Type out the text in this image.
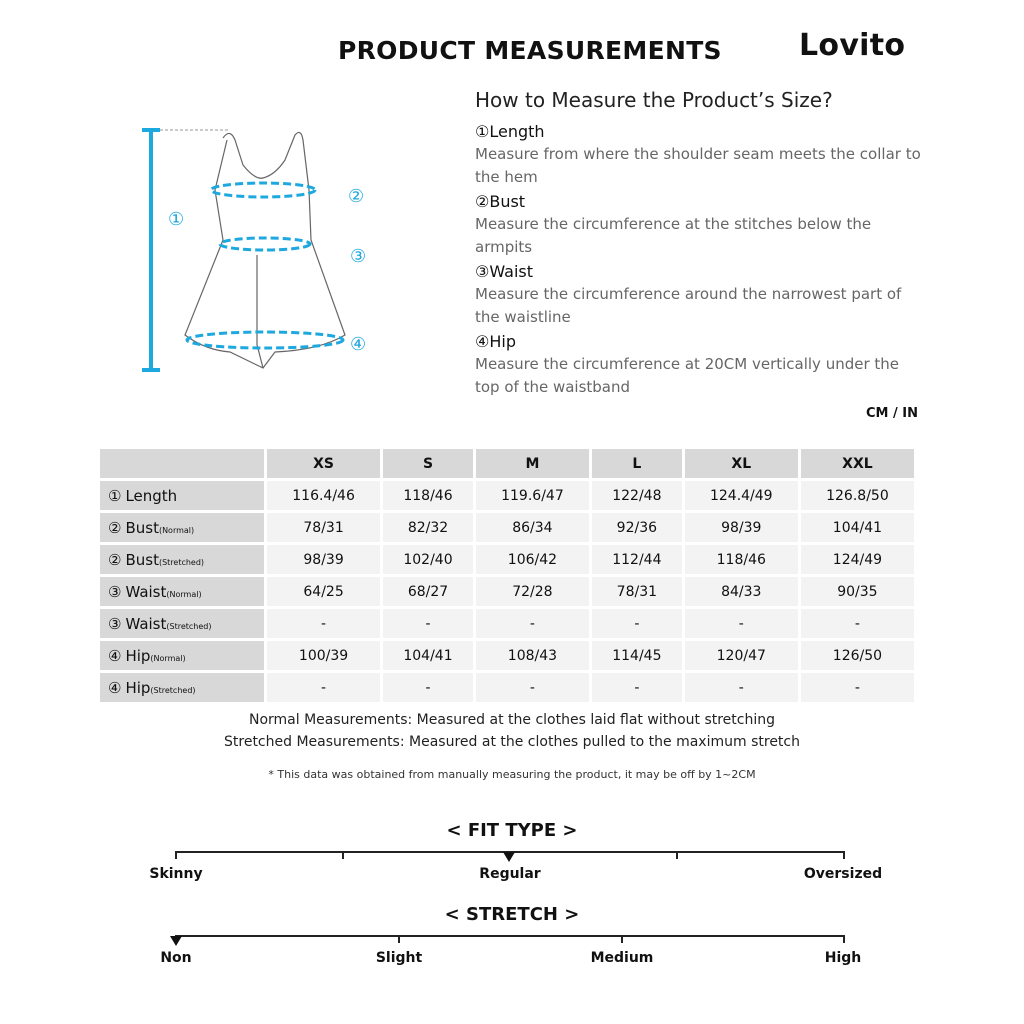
PRODUCT MEASUREMENTS	Lovito
①
②
③
④
How to Measure the Product’s Size?
①Length
Measure from where the shoulder seam meets the collar to the hem
②Bust
Measure the circumference at the stitches below the armpits
③Waist
Measure the circumference around the narrowest part of the waistline
④Hip
Measure the circumference at 20CM vertically under the top of the waistband
CM / IN
	XS	S	M	L	XL	XXL
① Length	116.4/46	118/46	119.6/47	122/48	124.4/49	126.8/50
② Bust(Normal)	78/31	82/32	86/34	92/36	98/39	104/41
② Bust(Stretched)	98/39	102/40	106/42	112/44	118/46	124/49
③ Waist(Normal)	64/25	68/27	72/28	78/31	84/33	90/35
③ Waist(Stretched)	-	-	-	-	-	-
④ Hip(Normal)	100/39	104/41	108/43	114/45	120/47	126/50
④ Hip(Stretched)	-	-	-	-	-	-
Normal Measurements: Measured at the clothes laid flat without stretching
Stretched Measurements: Measured at the clothes pulled to the maximum stretch
* This data was obtained from manually measuring the product, it may be off by 1~2CM
< FIT TYPE >
Skinny	Regular	Oversized
< STRETCH >
Non	Slight	Medium	High
